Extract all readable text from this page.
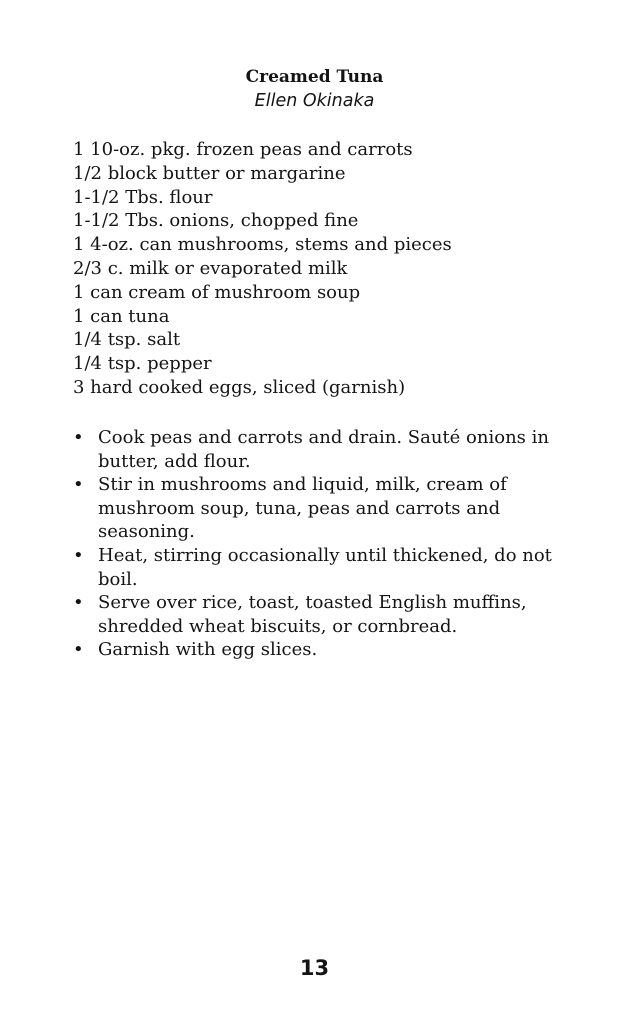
Creamed Tuna
Ellen Okinaka
1 10-oz. pkg. frozen peas and carrots
1/2 block butter or margarine
1-1/2 Tbs. flour
1-1/2 Tbs. onions, chopped fine
1 4-oz. can mushrooms, stems and pieces
2/3 c. milk or evaporated milk
1 can cream of mushroom soup
1 can tuna
1/4 tsp. salt
1/4 tsp. pepper
3 hard cooked eggs, sliced (garnish)
• Cook peas and carrots and drain. Sauté onions in butter, add flour.
• Stir in mushrooms and liquid, milk, cream of mushroom soup, tuna, peas and carrots and seasoning.
• Heat, stirring occasionally until thickened, do not boil.
• Serve over rice, toast, toasted English muffins, shredded wheat biscuits, or cornbread.
• Garnish with egg slices.
13
